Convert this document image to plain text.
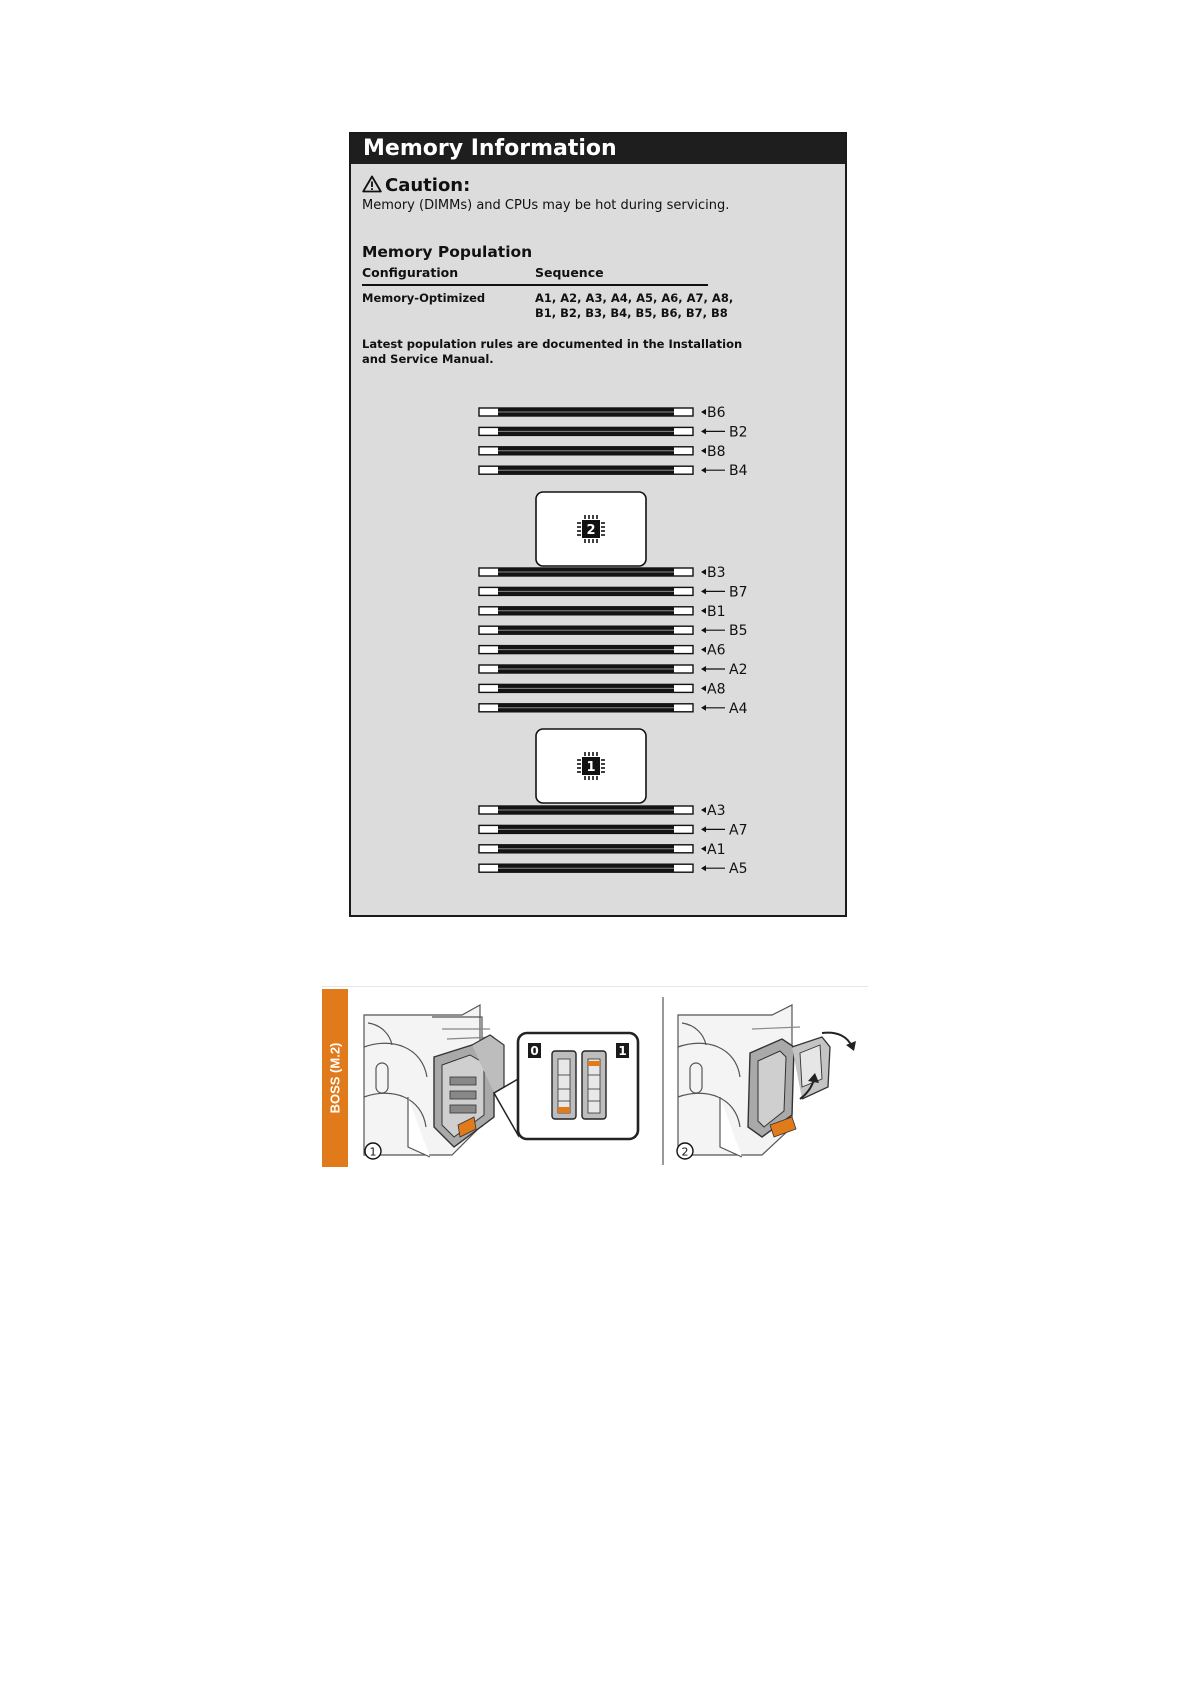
Memory Information
Caution:
Memory (DIMMs) and CPUs may be hot during servicing.
Memory Population
Configuration	Sequence
Memory-Optimized	A1, A2, A3, A4, A5, A6, A7, A8,
B1, B2, B3, B4, B5, B6, B7, B8
Latest population rules are documented in the Installation
and Service Manual.
B6
B2
B8
B4
B3
B7
B1
B5
A6
A2
A8
A4
A3
A7
A1
A5
2
1
BOSS (M.2)	0	1
1	2
